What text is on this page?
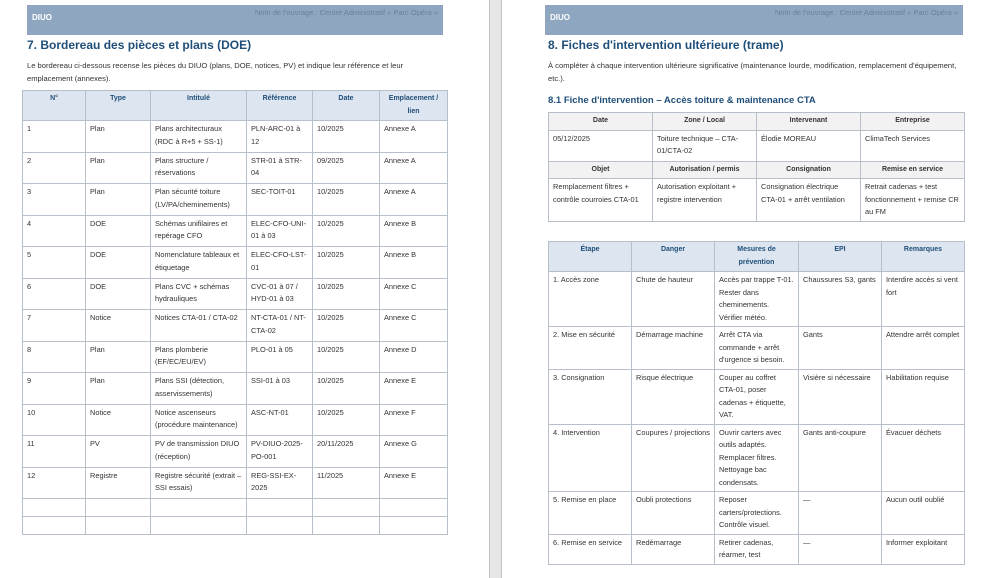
DIUO
Nom de l'ouvrage : Centre Administratif « Parc Opéra »
7. Bordereau des pièces et plans (DOE)
Le bordereau ci-dessous recense les pièces du DIUO (plans, DOE, notices, PV) et indique leur référence et leur emplacement (annexes).
N°	Type	Intitulé	Référence	Date	Emplacement / lien
1	Plan	Plans architecturaux (RDC à R+5 + SS-1)	PLN-ARC-01 à 12	10/2025	Annexe A
2	Plan	Plans structure / réservations	STR-01 à STR-04	09/2025	Annexe A
3	Plan	Plan sécurité toiture (LV/PA/cheminements)	SEC-TOIT-01	10/2025	Annexe A
4	DOE	Schémas unifilaires et repérage CFO	ELEC-CFO-UNI-01 à 03	10/2025	Annexe B
5	DOE	Nomenclature tableaux et étiquetage	ELEC-CFO-LST-01	10/2025	Annexe B
6	DOE	Plans CVC + schémas hydrauliques	CVC-01 à 07 / HYD-01 à 03	10/2025	Annexe C
7	Notice	Notices CTA-01 / CTA-02	NT-CTA-01 / NT-CTA-02	10/2025	Annexe C
8	Plan	Plans plomberie (EF/EC/EU/EV)	PLO-01 à 05	10/2025	Annexe D
9	Plan	Plans SSI (détection, asservissements)	SSI-01 à 03	10/2025	Annexe E
10	Notice	Notice ascenseurs (procédure maintenance)	ASC-NT-01	10/2025	Annexe F
11	PV	PV de transmission DIUO (réception)	PV-DIUO-2025-PO-001	20/11/2025	Annexe G
12	Registre	Registre sécurité (extrait – SSI essais)	REG-SSI-EX-2025	11/2025	Annexe E

DIUO
Nom de l'ouvrage : Centre Administratif « Parc Opéra »
8. Fiches d'intervention ultérieure (trame)
À compléter à chaque intervention ultérieure significative (maintenance lourde, modification, remplacement d'équipement, etc.).
8.1 Fiche d'intervention – Accès toiture & maintenance CTA
Date	Zone / Local	Intervenant	Entreprise
05/12/2025	Toiture technique – CTA-01/CTA-02	Élodie MOREAU	ClimaTech Services
Objet	Autorisation / permis	Consignation	Remise en service
Remplacement filtres + contrôle courroies CTA-01	Autorisation exploitant + registre intervention	Consignation électrique CTA-01 + arrêt ventilation	Retrait cadenas + test fonctionnement + remise CR au FM
Étape	Danger	Mesures de prévention	EPI	Remarques
1. Accès zone	Chute de hauteur	Accès par trappe T-01. Rester dans cheminements. Vérifier météo.	Chaussures S3, gants	Interdire accès si vent fort
2. Mise en sécurité	Démarrage machine	Arrêt CTA via commande + arrêt d'urgence si besoin.	Gants	Attendre arrêt complet
3. Consignation	Risque électrique	Couper au coffret CTA-01, poser cadenas + étiquette, VAT.	Visière si nécessaire	Habilitation requise
4. Intervention	Coupures / projections	Ouvrir carters avec outils adaptés. Remplacer filtres. Nettoyage bac condensats.	Gants anti-coupure	Évacuer déchets
5. Remise en place	Oubli protections	Reposer carters/protections. Contrôle visuel.	—	Aucun outil oublié
6. Remise en service	Redémarrage	Retirer cadenas, réarmer, test	—	Informer exploitant
